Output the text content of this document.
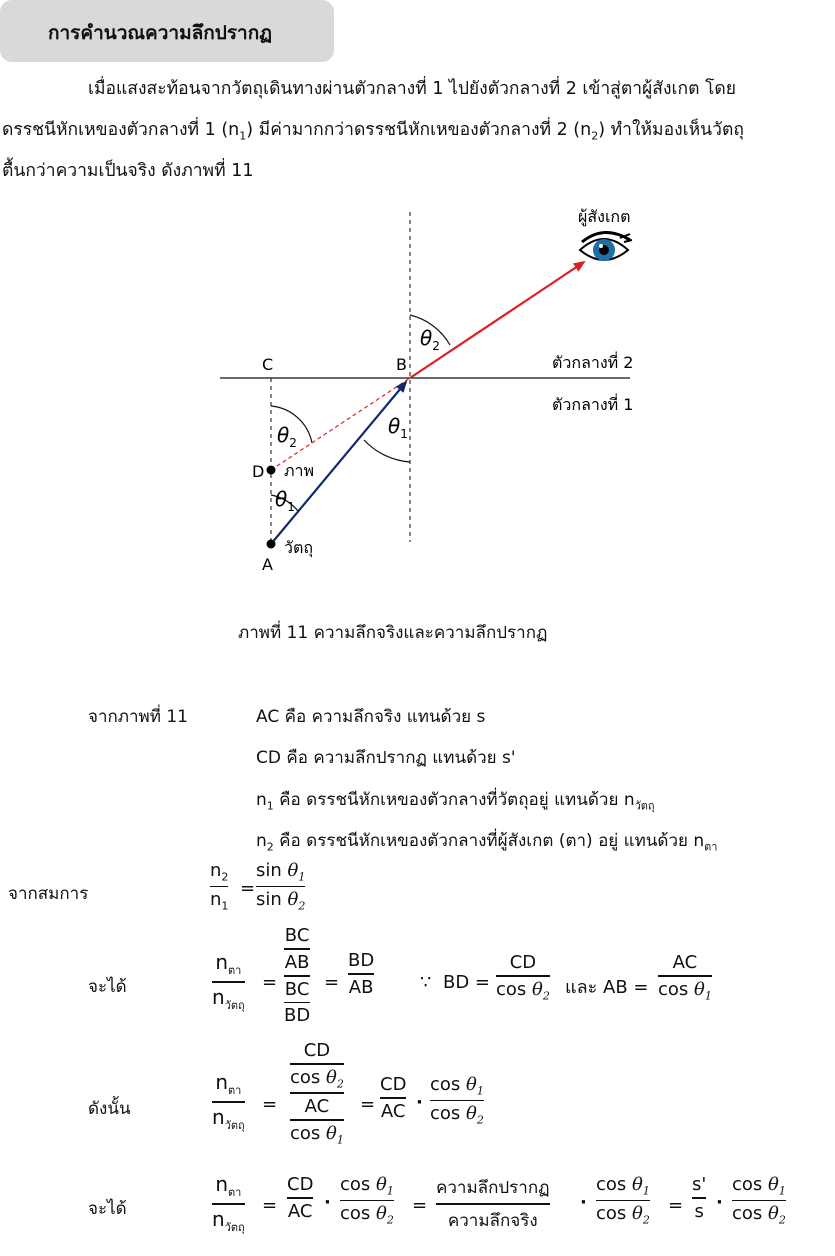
การคำนวณความลึกปรากฏ
เมื่อแสงสะท้อนจากวัตถุเดินทางผ่านตัวกลางที่ 1 ไปยังตัวกลางที่ 2 เข้าสู่ตาผู้สังเกต โดย
ดรรชนีหักเหของตัวกลางที่ 1 $(n_1)$ มีค่ามากกว่าดรรชนีหักเหของตัวกลางที่ 2 $(n_2)$ ทำให้มองเห็นวัตถุ
ตื้นกว่าความเป็นจริง ดังภาพที่ 11
ผู้สังเกต
ตัวกลางที่ 2
ตัวกลางที่ 1
C	B
D
A
ภาพ
วัตถุ
$\theta_2$
$\theta_1$
$\theta_2$
$\theta_1$
ภาพที่ 11 ความลึกจริงและความลึกปรากฏ
จากภาพที่ 11	AC คือ ความลึกจริง แทนด้วย s
CD คือ ความลึกปรากฏ แทนด้วย s'
$n_1$ คือ ดรรชนีหักเหของตัวกลางที่วัตถุอยู่ แทนด้วย $n_{วัตถุ}$
$n_2$ คือ ดรรชนีหักเหของตัวกลางที่ผู้สังเกต (ตา) อยู่ แทนด้วย $n_{ตา}$
จากสมการ
$n_2$
$n_1$
=
$\sin \theta_1$
$\sin \theta_2$
จะได้
$n_{ตา}$
$n_{วัตถุ}$
=
BC
AB
BC
BD
=
BD
AB	∵ BD =
CD
$\cos \theta_2$ และ AB =
AC
$\cos \theta_1$
ดังนั้น
$n_{ตา}$
$n_{วัตถุ}$
=
CD
$\cos \theta_2$
AC
$\cos \theta_1$
=
CD
AC ·
$\cos \theta_1$
$\cos \theta_2$
จะได้
$n_{ตา}$
$n_{วัตถุ}$
=
CD
AC ·
$\cos \theta_1$
$\cos \theta_2$
=
ความลึกปรากฏ
ความลึกจริง
·
$\cos \theta_1$
$\cos \theta_2$
=
s'
s ·
$\cos \theta_1$
$\cos \theta_2$
